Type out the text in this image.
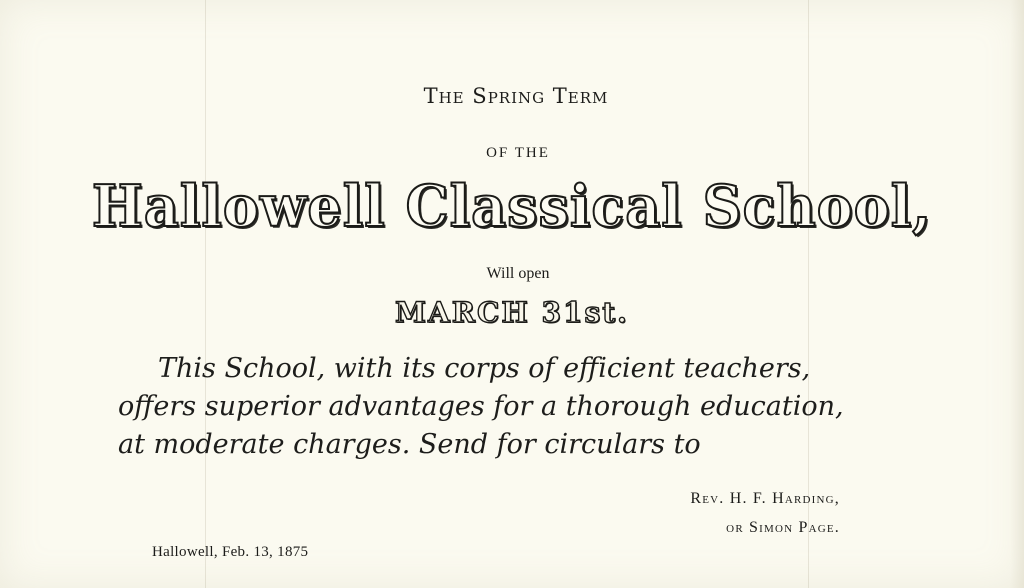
The Spring Term
OF THE
Hallowell Classical School,
Will open
MARCH 31st.
This School, with its corps of efficient teachers,
offers superior advantages for a thorough education,
at moderate charges. Send for circulars to
Rev. H. F. Harding,
or Simon Page.
Hallowell, Feb. 13, 1875
